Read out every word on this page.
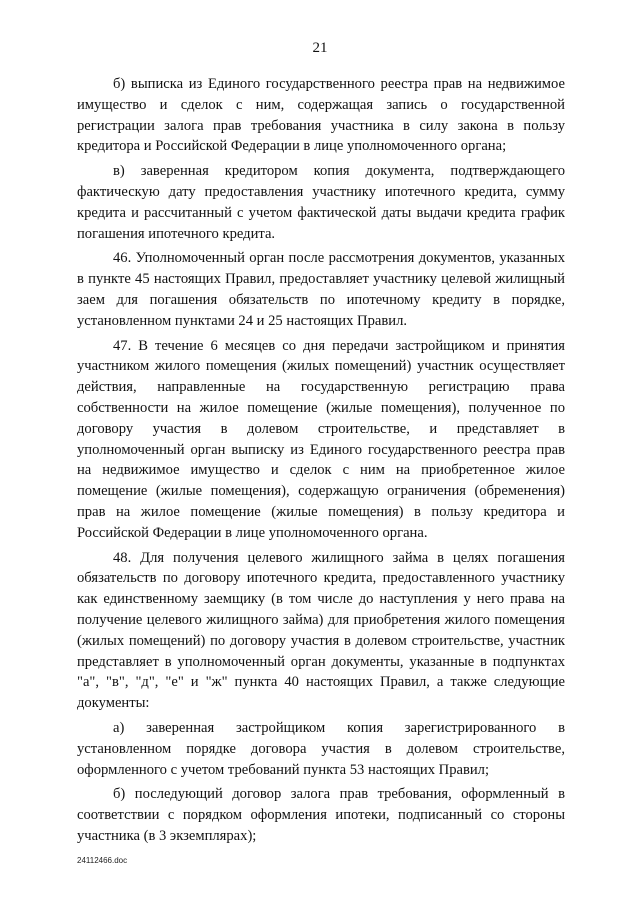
21

б) выписка из Единого государственного реестра прав на недвижимое имущество и сделок с ним, содержащая запись о государственной регистрации залога прав требования участника в силу закона в пользу кредитора и Российской Федерации в лице уполномоченного органа;

в) заверенная кредитором копия документа, подтверждающего фактическую дату предоставления участнику ипотечного кредита, сумму кредита и рассчитанный с учетом фактической даты выдачи кредита график погашения ипотечного кредита.

46. Уполномоченный орган после рассмотрения документов, указанных в пункте 45 настоящих Правил, предоставляет участнику целевой жилищный заем для погашения обязательств по ипотечному кредиту в порядке, установленном пунктами 24 и 25 настоящих Правил.

47. В течение 6 месяцев со дня передачи застройщиком и принятия участником жилого помещения (жилых помещений) участник осуществляет действия, направленные на государственную регистрацию права собственности на жилое помещение (жилые помещения), полученное по договору участия в долевом строительстве, и представляет в уполномоченный орган выписку из Единого государственного реестра прав на недвижимое имущество и сделок с ним на приобретенное жилое помещение (жилые помещения), содержащую ограничения (обременения) прав на жилое помещение (жилые помещения) в пользу кредитора и Российской Федерации в лице уполномоченного органа.

48. Для получения целевого жилищного займа в целях погашения обязательств по договору ипотечного кредита, предоставленного участнику как единственному заемщику (в том числе до наступления у него права на получение целевого жилищного займа) для приобретения жилого помещения (жилых помещений) по договору участия в долевом строительстве, участник представляет в уполномоченный орган документы, указанные в подпунктах "а", "в", "д", "е" и "ж" пункта 40 настоящих Правил, а также следующие документы:

а) заверенная застройщиком копия зарегистрированного в установленном порядке договора участия в долевом строительстве, оформленного с учетом требований пункта 53 настоящих Правил;

б) последующий договор залога прав требования, оформленный в соответствии с порядком оформления ипотеки, подписанный со стороны участника (в 3 экземплярах);

24112466.doc
